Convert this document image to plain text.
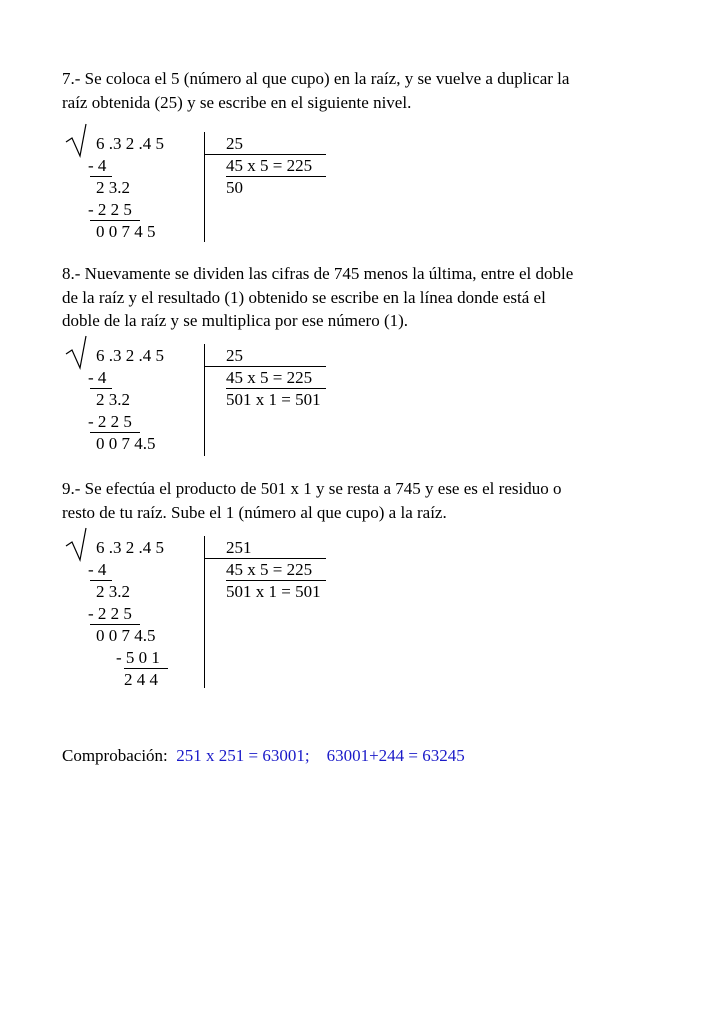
7.- Se coloca el 5 (número al que cupo) en la raíz, y se vuelve a duplicar la
raíz obtenida (25) y se escribe en el siguiente nivel.
6 .3 2 .4 5
- 4
2 3.2
- 2 2 5
0 0 7 4 5
25
45 x 5 = 225
50
8.- Nuevamente se dividen las cifras de 745 menos la última, entre el doble
de la raíz y el resultado (1) obtenido se escribe en la línea donde está el
doble de la raíz y se multiplica por ese número (1).
6 .3 2 .4 5
- 4
2 3.2
- 2 2 5
0 0 7 4.5
25
45 x 5 = 225
501 x 1 = 501
9.- Se efectúa el producto de 501 x 1 y se resta a 745 y ese es el residuo o
resto de tu raíz. Sube el 1 (número al que cupo) a la raíz.
6 .3 2 .4 5
- 4
2 3.2
- 2 2 5
0 0 7 4.5
- 5 0 1
2 4 4
251
45 x 5 = 225
501 x 1 = 501
Comprobación: 251 x 251 = 63001; 63001+244 = 63245
